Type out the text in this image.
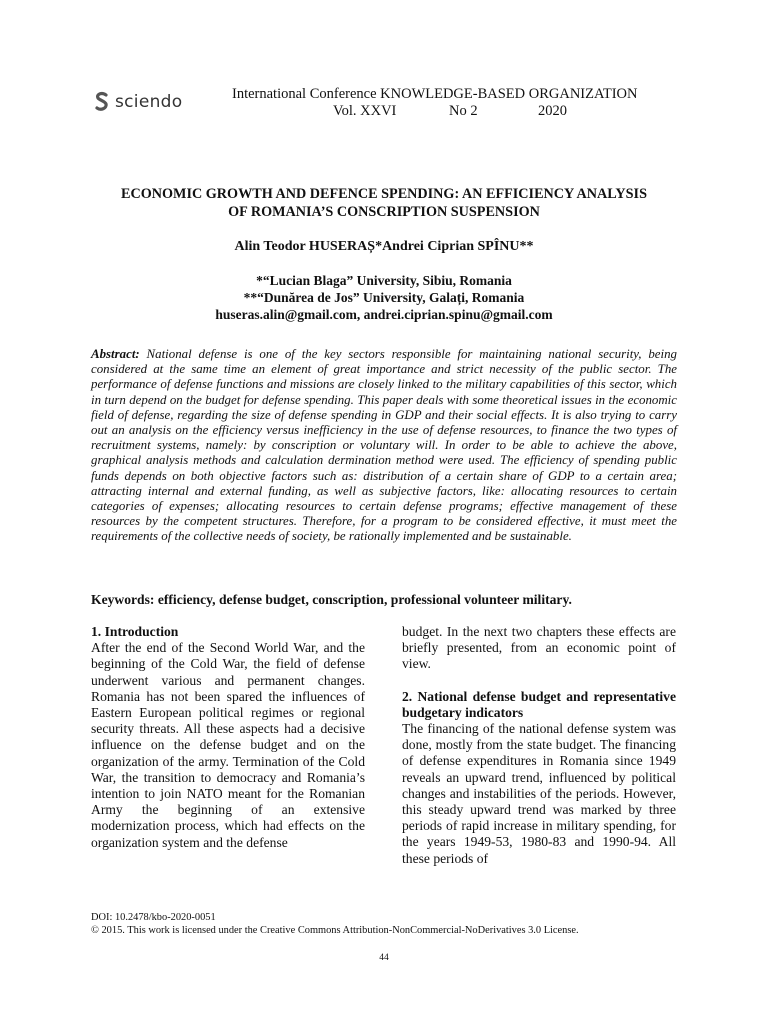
sciendo	International Conference KNOWLEDGE-BASED ORGANIZATION
Vol. XXVI	No 2	2020
ECONOMIC GROWTH AND DEFENCE SPENDING: AN EFFICIENCY ANALYSIS
OF ROMANIA’S CONSCRIPTION SUSPENSION
Alin Teodor HUSERAȘ*Andrei Ciprian SPÎNU**
*“Lucian Blaga” University, Sibiu, Romania
**“Dunărea de Jos” University, Galați, Romania
huseras.alin@gmail.com, andrei.ciprian.spinu@gmail.com
Abstract: National defense is one of the key sectors responsible for maintaining national security, being considered at the same time an element of great importance and strict necessity of the public sector. The performance of defense functions and missions are closely linked to the military capabilities of this sector, which in turn depend on the budget for defense spending. This paper deals with some theoretical issues in the economic field of defense, regarding the size of defense spending in GDP and their social effects. It is also trying to carry out an analysis on the efficiency versus inefficiency in the use of defense resources, to finance the two types of recruitment systems, namely: by conscription or voluntary will. In order to be able to achieve the above, graphical analysis methods and calculation dermination method were used. The efficiency of spending public funds depends on both objective factors such as: distribution of a certain share of GDP to a certain area; attracting internal and external funding, as well as subjective factors, like: allocating resources to certain categories of expenses; allocating resources to certain defense programs; effective management of these resources by the competent structures. Therefore, for a program to be considered effective, it must meet the requirements of the collective needs of society, be rationally implemented and be sustainable.
Keywords: efficiency, defense budget, conscription, professional volunteer military.
1. Introduction
After the end of the Second World War, and the beginning of the Cold War, the field of defense underwent various and permanent changes. Romania has not been spared the influences of Eastern European political regimes or regional security threats. All these aspects had a decisive influence on the defense budget and on the organization of the army. Termination of the Cold War, the transition to democracy and Romania’s intention to join NATO meant for the Romanian Army the beginning of an extensive modernization process, which had effects on the organization system and the defense
budget. In the next two chapters these effects are briefly presented, from an economic point of view.
2. National defense budget and representative budgetary indicators
The financing of the national defense system was done, mostly from the state budget. The financing of defense expenditures in Romania since 1949 reveals an upward trend, influenced by political changes and instabilities of the periods. However, this steady upward trend was marked by three periods of rapid increase in military spending, for the years 1949-53, 1980-83 and 1990-94. All these periods of
DOI: 10.2478/kbo-2020-0051
© 2015. This work is licensed under the Creative Commons Attribution-NonCommercial-NoDerivatives 3.0 License.
44
